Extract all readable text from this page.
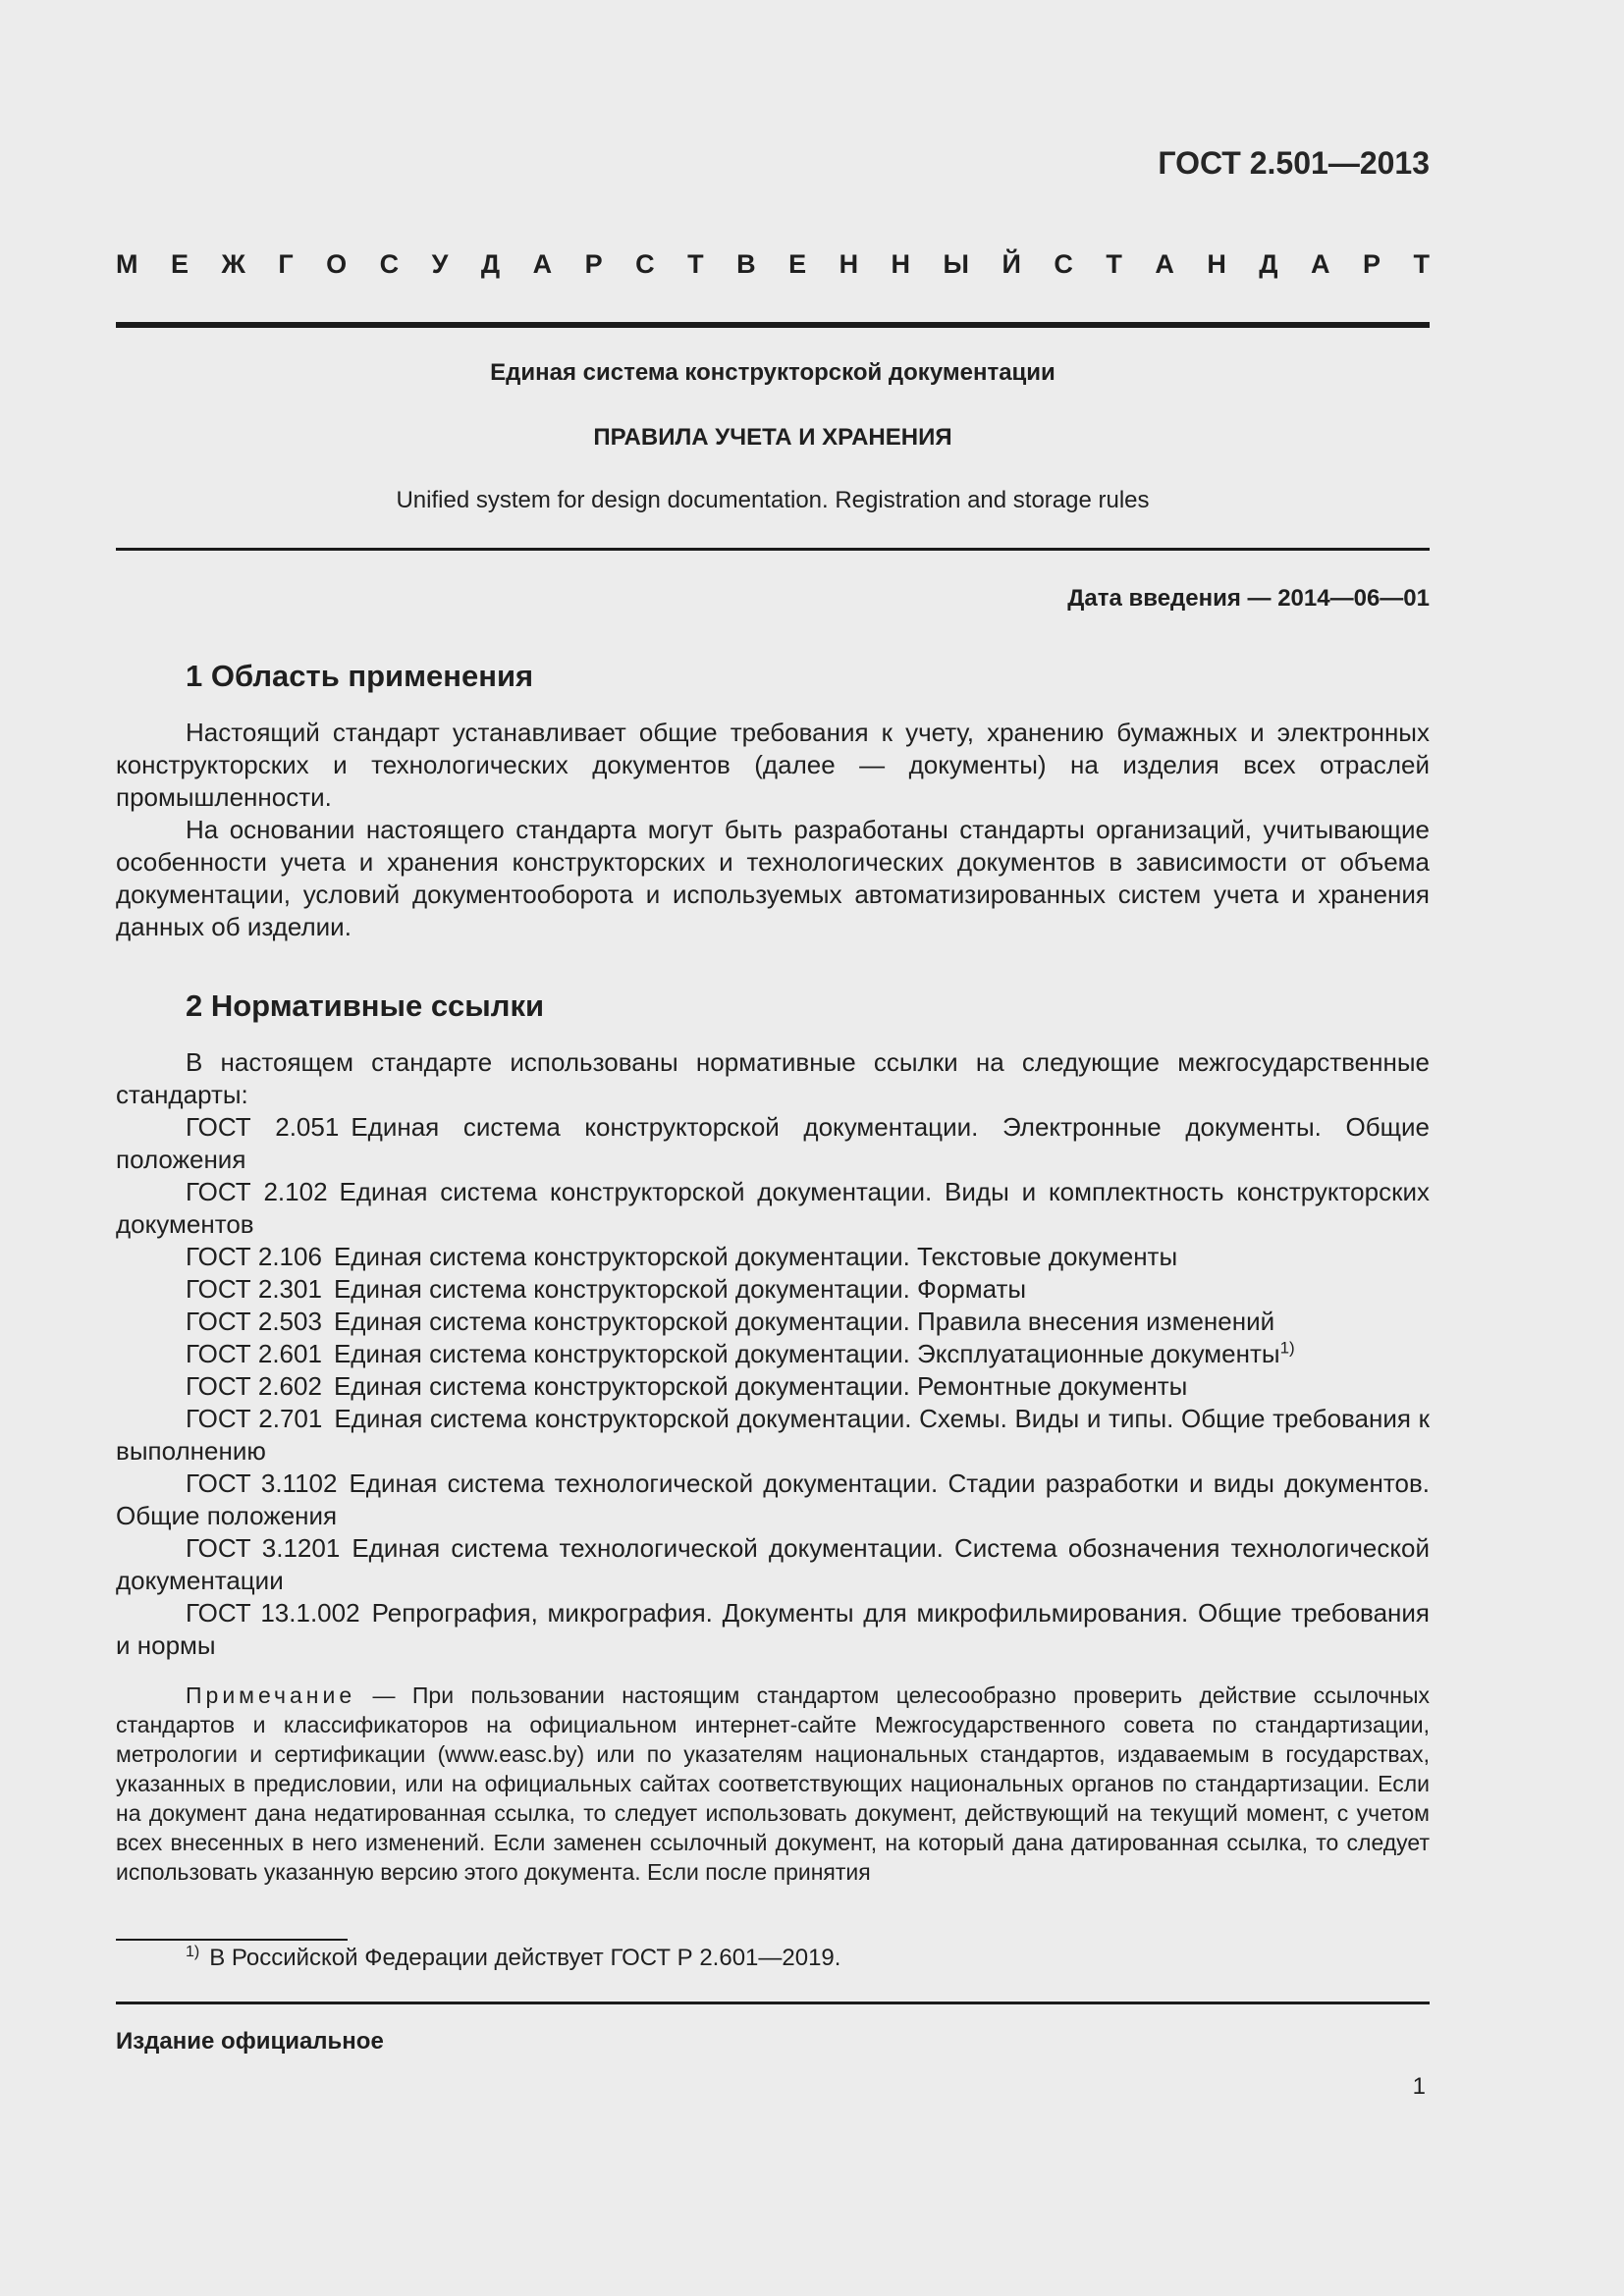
ГОСТ 2.501—2013
М Е Ж Г О С У Д А Р С Т В Е Н Н Ы Й С Т А Н Д А Р Т
Единая система конструкторской документации
ПРАВИЛА УЧЕТА И ХРАНЕНИЯ
Unified system for design documentation. Registration and storage rules
Дата введения — 2014—06—01
1 Область применения

Настоящий стандарт устанавливает общие требования к учету, хранению бумажных и электронных конструкторских и технологических документов (далее — документы) на изделия всех отраслей промышленности.

На основании настоящего стандарта могут быть разработаны стандарты организаций, учитывающие особенности учета и хранения конструкторских и технологических документов в зависимости от объема документации, условий документооборота и используемых автоматизированных систем учета и хранения данных об изделии.

2 Нормативные ссылки

В настоящем стандарте использованы нормативные ссылки на следующие межгосударственные стандарты:

ГОСТ 2.051 Единая система конструкторской документации. Электронные документы. Общие положения
ГОСТ 2.102 Единая система конструкторской документации. Виды и комплектность конструкторских документов
ГОСТ 2.106 Единая система конструкторской документации. Текстовые документы
ГОСТ 2.301 Единая система конструкторской документации. Форматы
ГОСТ 2.503 Единая система конструкторской документации. Правила внесения изменений
ГОСТ 2.601 Единая система конструкторской документации. Эксплуатационные документы$^{1)}$
ГОСТ 2.602 Единая система конструкторской документации. Ремонтные документы
ГОСТ 2.701 Единая система конструкторской документации. Схемы. Виды и типы. Общие требования к выполнению
ГОСТ 3.1102 Единая система технологической документации. Стадии разработки и виды документов. Общие положения
ГОСТ 3.1201 Единая система технологической документации. Система обозначения технологической документации
ГОСТ 13.1.002 Репрография, микрография. Документы для микрофильмирования. Общие требования и нормы

Примечание — При пользовании настоящим стандартом целесообразно проверить действие ссылочных стандартов и классификаторов на официальном интернет-сайте Межгосударственного совета по стандартизации, метрологии и сертификации (www.easc.by) или по указателям национальных стандартов, издаваемым в государствах, указанных в предисловии, или на официальных сайтах соответствующих национальных органов по стандартизации. Если на документ дана недатированная ссылка, то следует использовать документ, действующий на текущий момент, с учетом всех внесенных в него изменений. Если заменен ссылочный документ, на который дана датированная ссылка, то следует использовать указанную версию этого документа. Если после принятия

$^{1)}$ В Российской Федерации действует ГОСТ Р 2.601—2019.
Издание официальное
1
